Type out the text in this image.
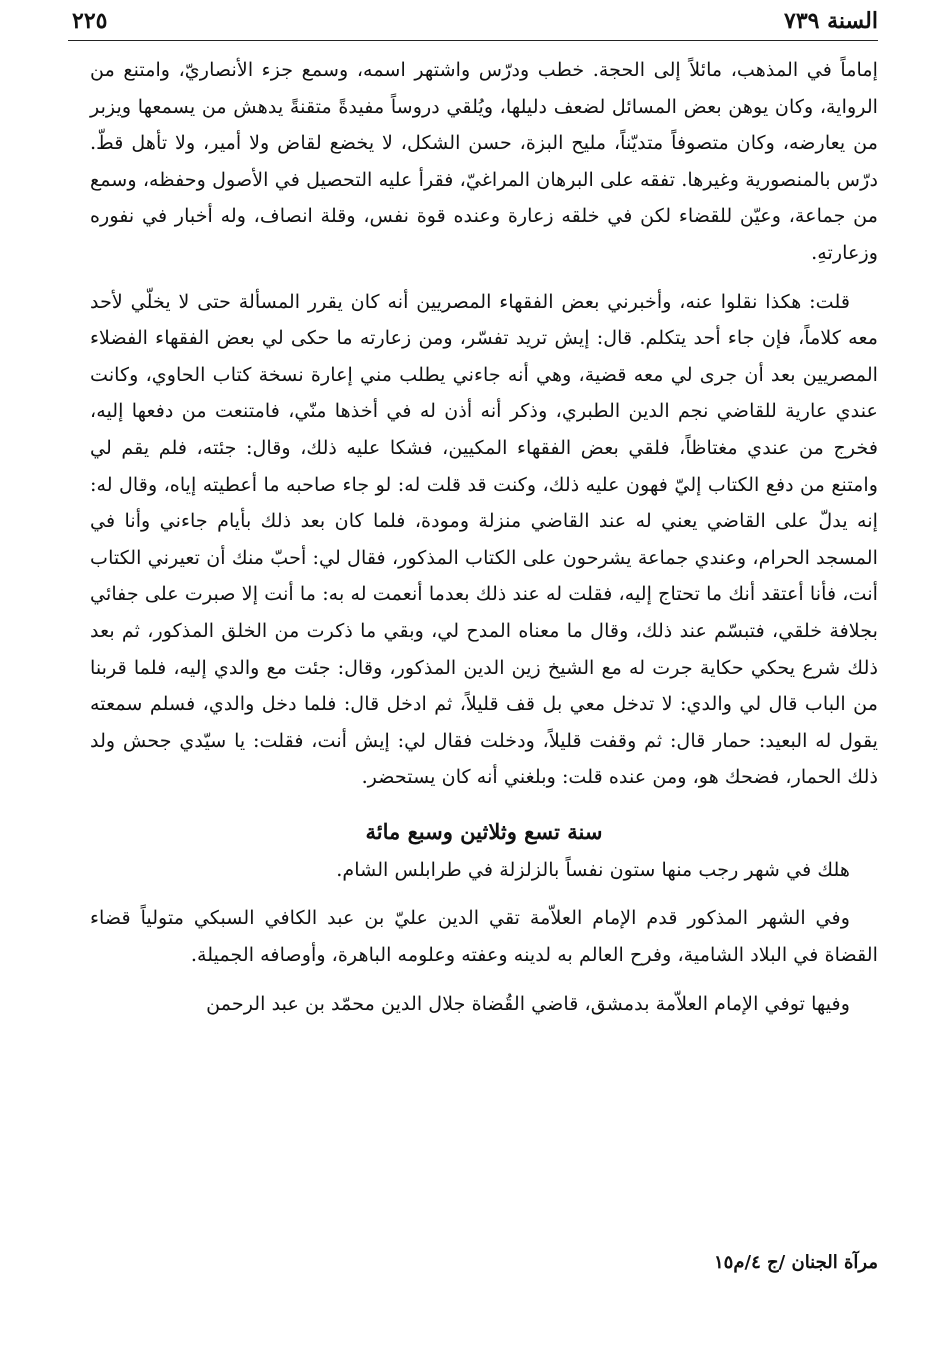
السنة ٧٣٩
٢٢٥

إماماً في المذهب، مائلاً إلى الحجة. خطب ودرّس واشتهر اسمه، وسمع جزء الأنصاريّ، وامتنع من الرواية، وكان يوهن بعض المسائل لضعف دليلها، ويُلقي دروساً مفيدةً متقنةً يدهش من يسمعها ويزبر من يعارضه، وكان متصوفاً متديّناً، مليح البزة، حسن الشكل، لا يخضع لقاض ولا أمير، ولا تأهل قطّ. درّس بالمنصورية وغيرها. تفقه على البرهان المراغيّ، فقرأ عليه التحصيل في الأصول وحفظه، وسمع من جماعة، وعيّن للقضاء لكن في خلقه زعارة وعنده قوة نفس، وقلة انصاف، وله أخبار في نفوره وزعارتهِ.

قلت: هكذا نقلوا عنه، وأخبرني بعض الفقهاء المصريين أنه كان يقرر المسألة حتى لا يخلّي لأحد معه كلاماً، فإن جاء أحد يتكلم. قال: إيش تريد تفسّر، ومن زعارته ما حكى لي بعض الفقهاء الفضلاء المصريين بعد أن جرى لي معه قضية، وهي أنه جاءني يطلب مني إعارة نسخة كتاب الحاوي، وكانت عندي عارية للقاضي نجم الدين الطبري، وذكر أنه أذن له في أخذها منّي، فامتنعت من دفعها إليه، فخرج من عندي مغتاظاً، فلقي بعض الفقهاء المكيين، فشكا عليه ذلك، وقال: جئته، فلم يقم لي وامتنع من دفع الكتاب إليّ فهون عليه ذلك، وكنت قد قلت له: لو جاء صاحبه ما أعطيته إياه، وقال له: إنه يدلّ على القاضي يعني له عند القاضي منزلة ومودة، فلما كان بعد ذلك بأيام جاءني وأنا في المسجد الحرام، وعندي جماعة يشرحون على الكتاب المذكور، فقال لي: أحبّ منك أن تعيرني الكتاب أنت، فأنا أعتقد أنك ما تحتاج إليه، فقلت له عند ذلك بعدما أنعمت له به: ما أنت إلا صبرت على جفائي بجلافة خلقي، فتبسّم عند ذلك، وقال ما معناه المدح لي، وبقي ما ذكرت من الخلق المذكور، ثم بعد ذلك شرع يحكي حكاية جرت له مع الشيخ زين الدين المذكور، وقال: جئت مع والدي إليه، فلما قربنا من الباب قال لي والدي: لا تدخل معي بل قف قليلاً، ثم ادخل قال: فلما دخل والدي، فسلم سمعته يقول له البعيد: حمار قال: ثم وقفت قليلاً، ودخلت فقال لي: إيش أنت، فقلت: يا سيّدي جحش ولد ذلك الحمار، فضحك هو، ومن عنده قلت: وبلغني أنه كان يستحضر.

سنة تسع وثلاثين وسبع مائة

هلك في شهر رجب منها ستون نفساً بالزلزلة في طرابلس الشام.

وفي الشهر المذكور قدم الإمام العلاّمة تقي الدين عليّ بن عبد الكافي السبكي متولياً قضاء القضاة في البلاد الشامية، وفرح العالم به لدينه وعفته وعلومه الباهرة، وأوصافه الجميلة.

وفيها توفي الإمام العلاّمة بدمشق، قاضي القُضاة جلال الدين محمّد بن عبد الرحمن

مرآة الجنان /ج ٤/م١٥
